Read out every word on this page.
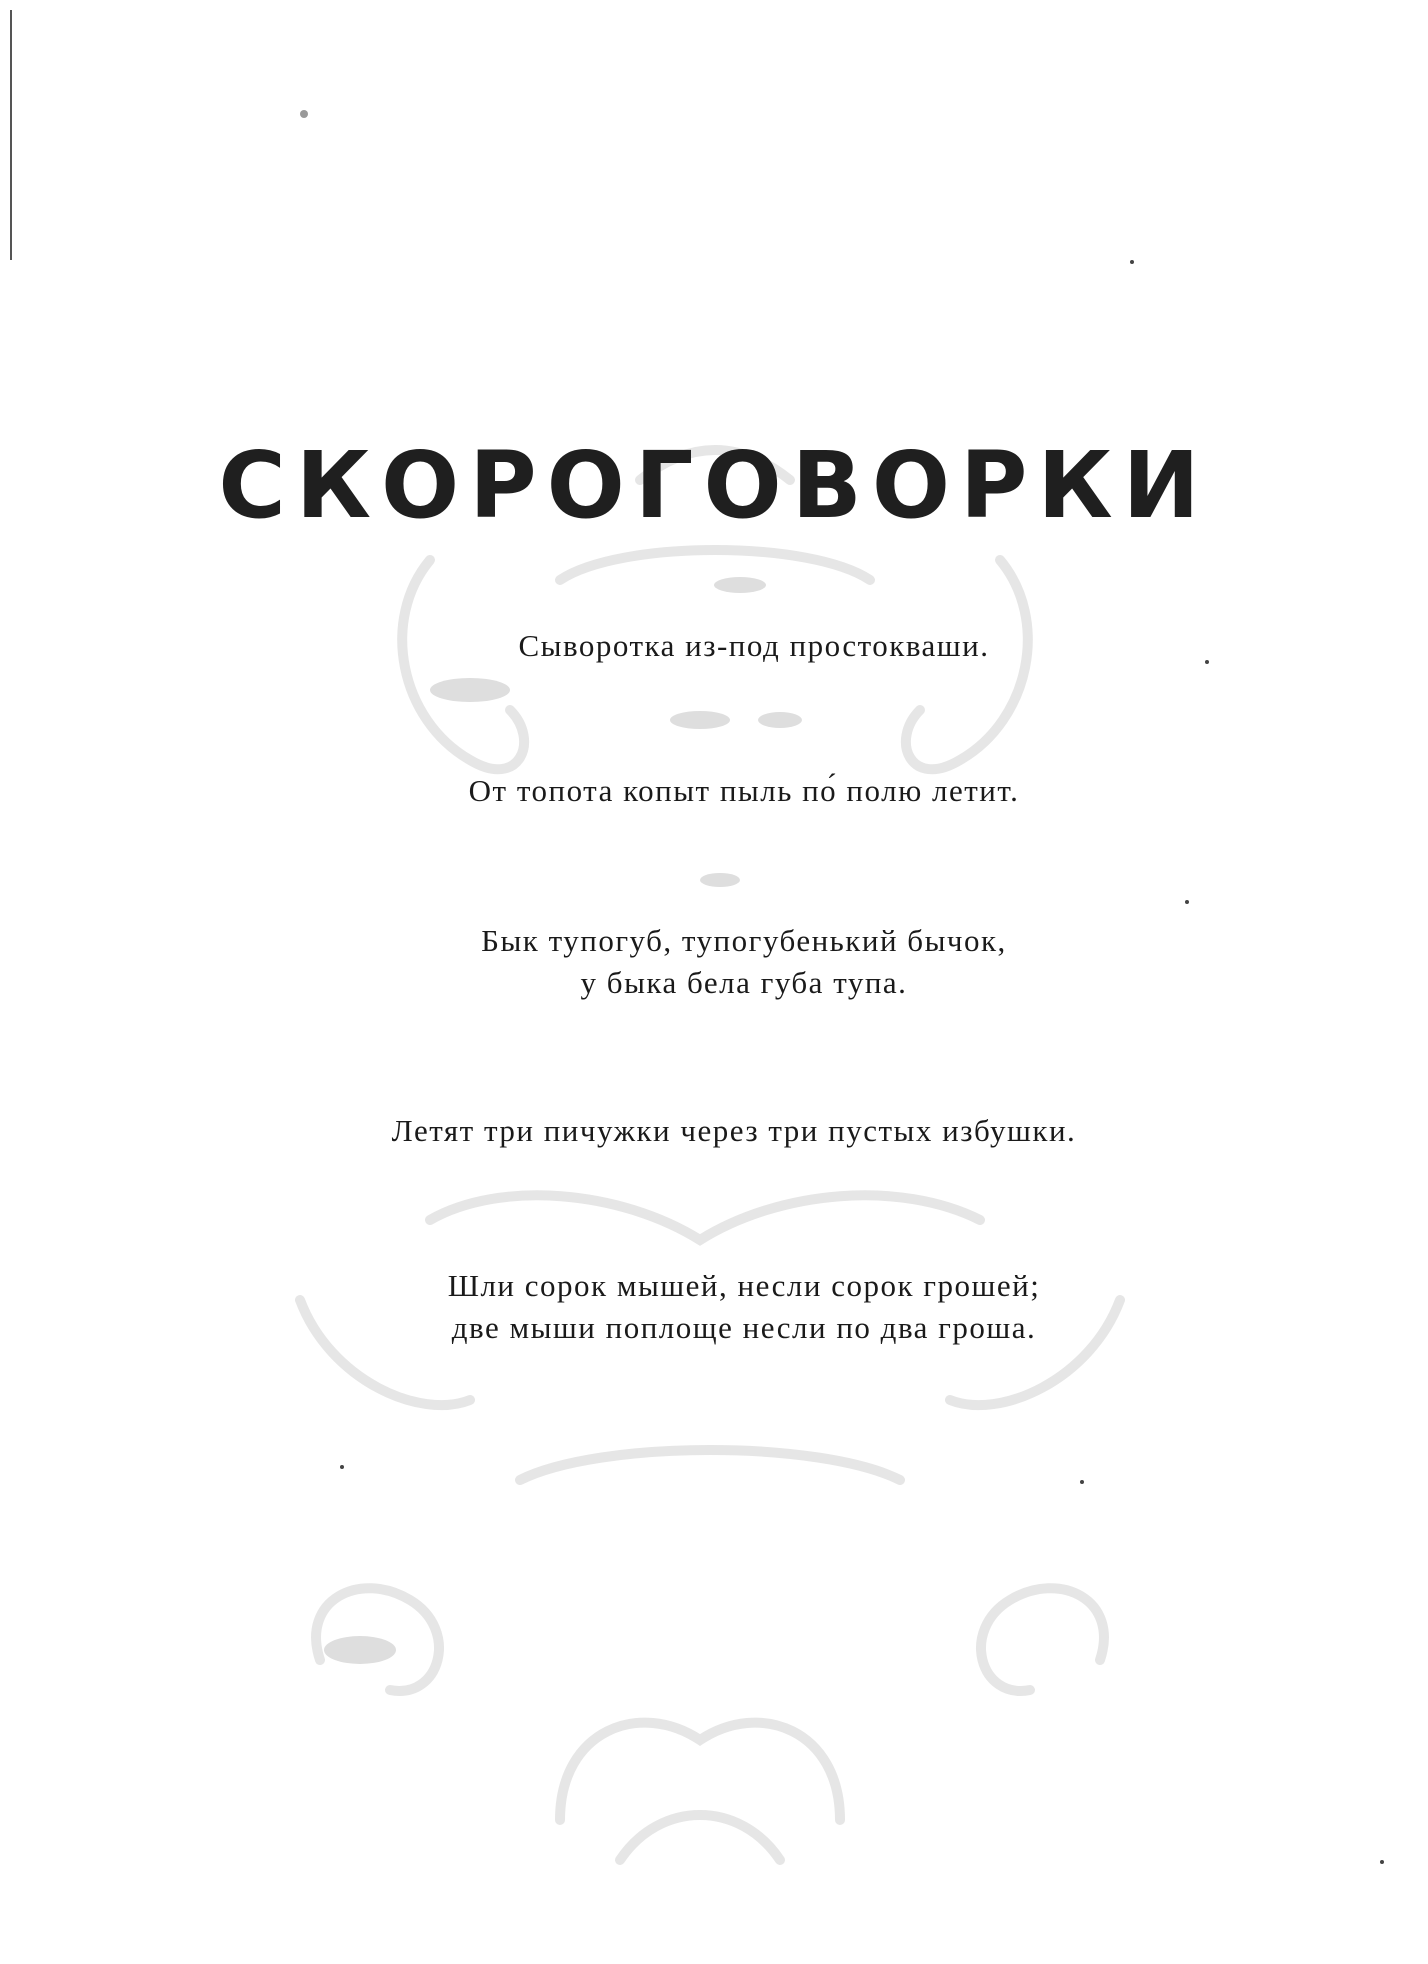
СКОРОГОВОРКИ
Сыворотка из-под простокваши.
От топота копыт пыль по́ полю летит.
Бык тупогуб, тупогубенький бычок,
у быка бела губа тупа.
Летят три пичужки через три пустых избушки.
Шли сорок мышей, несли сорок грошей;
две мыши поплоще несли по два гроша.
